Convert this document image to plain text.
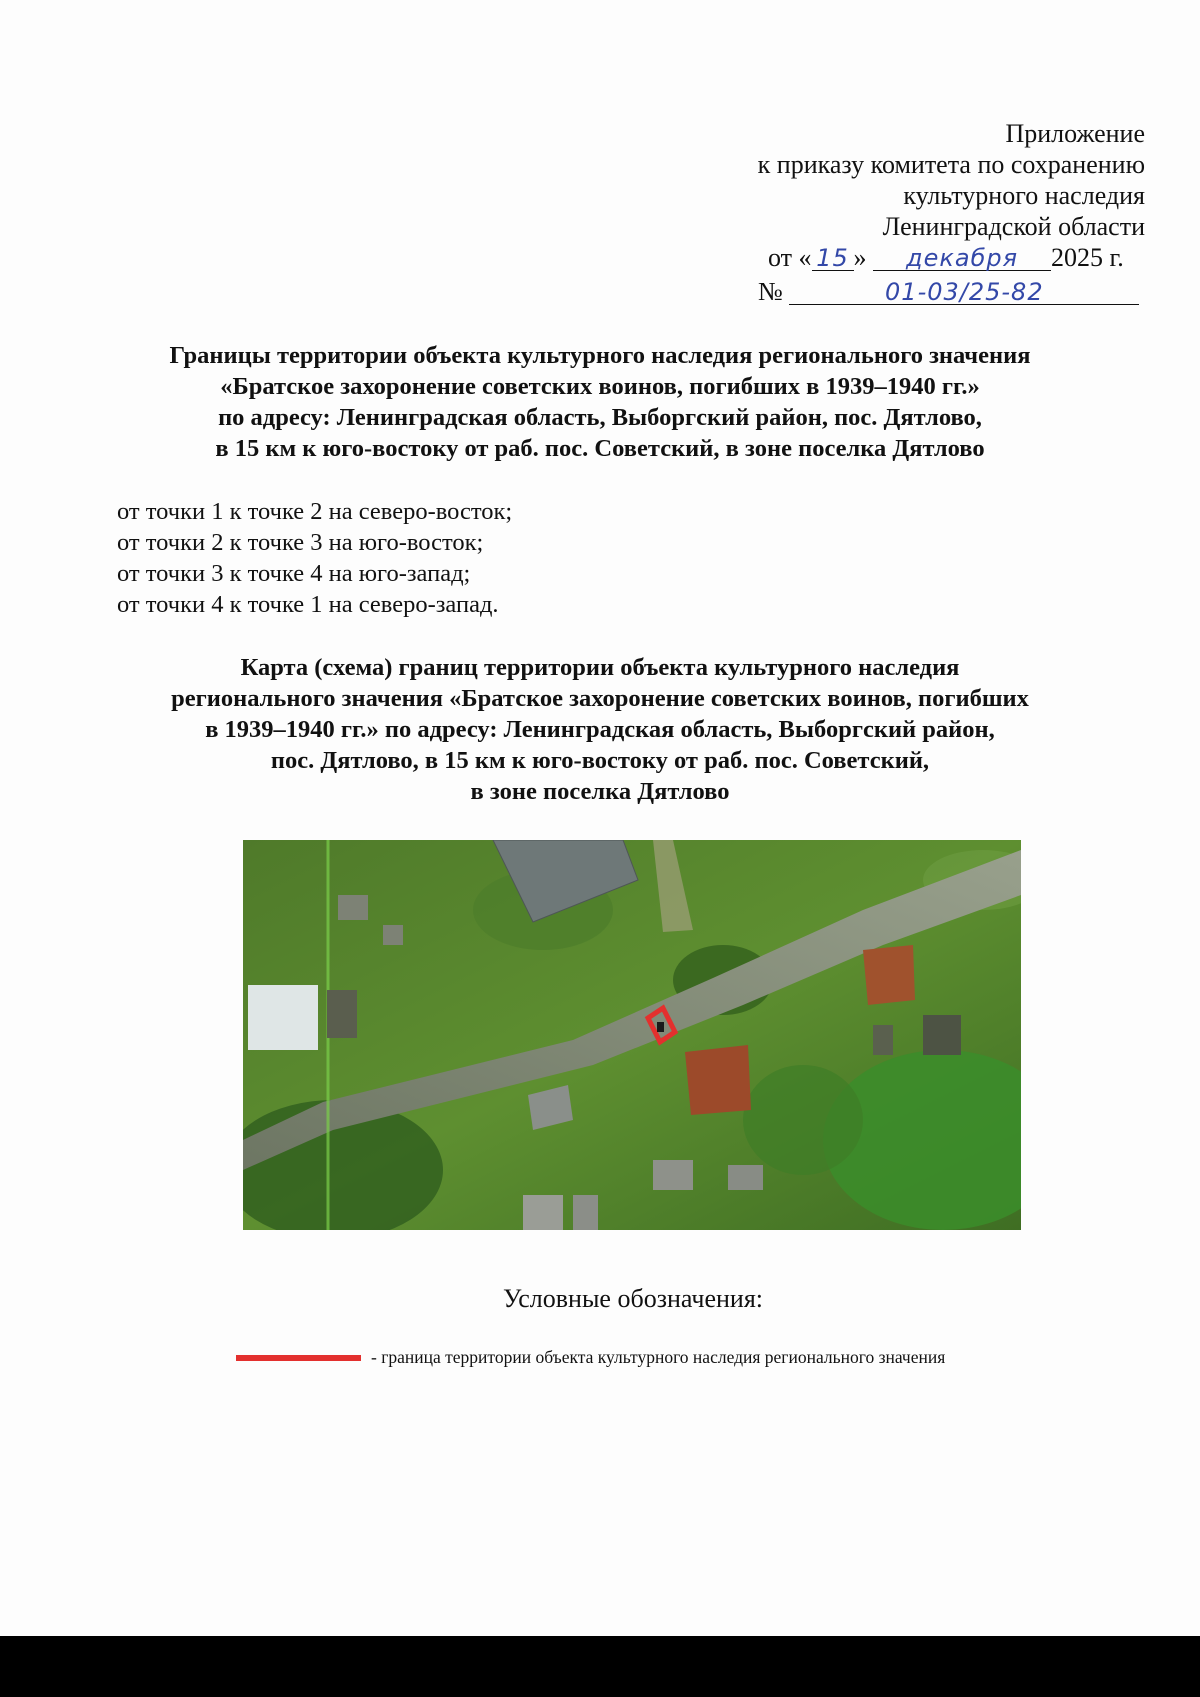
Приложение
к приказу комитета по сохранению
культурного наследия
Ленинградской области
от « 15 » декабря 2025 г.
№	01-03/25-82
Границы территории объекта культурного наследия регионального значения
«Братское захоронение советских воинов, погибших в 1939–1940 гг.»
по адресу: Ленинградская область, Выборгский район, пос. Дятлово,
в 15 км к юго-востоку от раб. пос. Советский, в зоне поселка Дятлово
от точки 1 к точке 2 на северо-восток;
от точки 2 к точке 3 на юго-восток;
от точки 3 к точке 4 на юго-запад;
от точки 4 к точке 1 на северо-запад.
Карта (схема) границ территории объекта культурного наследия
регионального значения «Братское захоронение советских воинов, погибших
в 1939–1940 гг.» по адресу: Ленинградская область, Выборгский район,
пос. Дятлово, в 15 км к юго-востоку от раб. пос. Советский,
в зоне поселка Дятлово
Условные обозначения:
- граница территории объекта культурного наследия регионального значения
